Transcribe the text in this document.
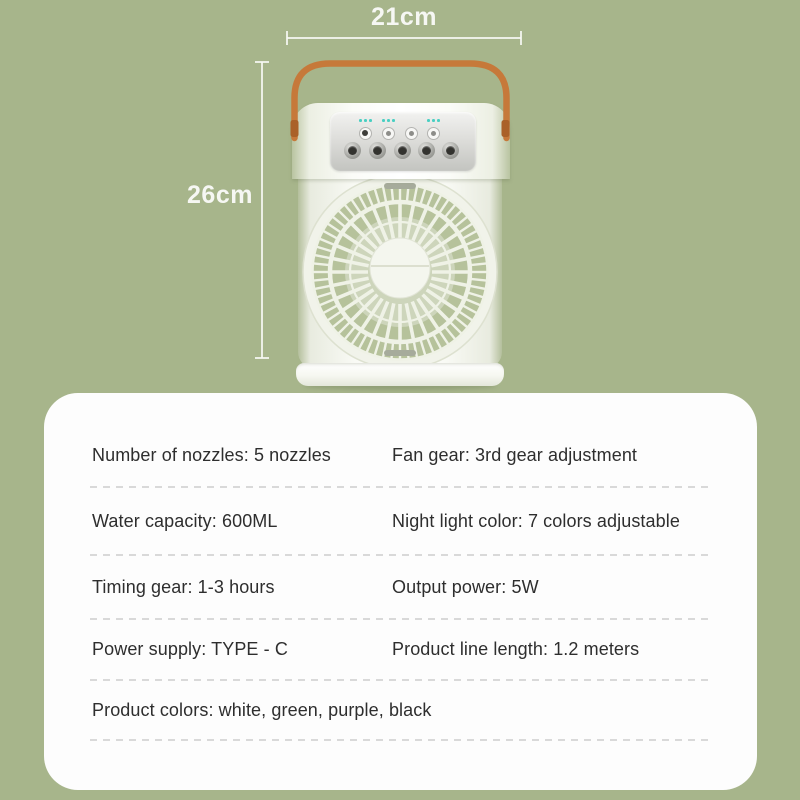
21cm
26cm
Number of nozzles: 5 nozzles	Fan gear: 3rd gear adjustment
Water capacity: 600ML	Night light color: 7 colors adjustable
Timing gear: 1-3 hours	Output power: 5W
Power supply: TYPE - C	Product line length: 1.2 meters
Product colors: white, green, purple, black
